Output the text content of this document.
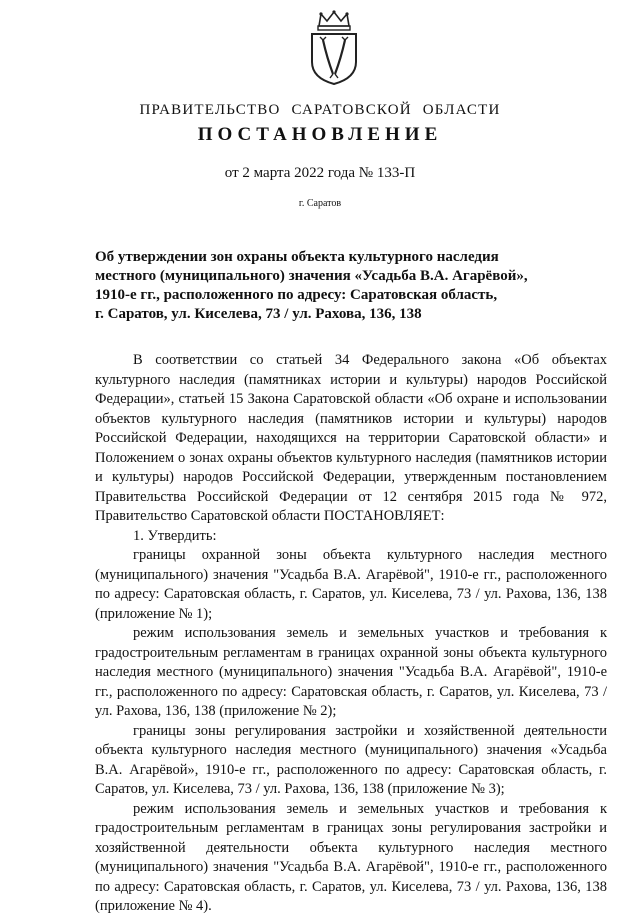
ПРАВИТЕЛЬСТВО САРАТОВСКОЙ ОБЛАСТИ
ПОСТАНОВЛЕНИЕ
от 2 марта 2022 года № 133-П
г. Саратов
Об утверждении зон охраны объекта культурного наследия
местного (муниципального) значения «Усадьба В.А. Агарёвой»,
1910-е гг., расположенного по адресу: Саратовская область,
г. Саратов, ул. Киселева, 73 / ул. Рахова, 136, 138

В соответствии со статьей 34 Федерального закона «Об объектах культурного наследия (памятниках истории и культуры) народов Российской Федерации», статьей 15 Закона Саратовской области «Об охране и использовании объектов культурного наследия (памятников истории и культуры) народов Российской Федерации, находящихся на территории Саратовской области» и Положением о зонах охраны объектов культурного наследия (памятников истории и культуры) народов Российской Федерации, утвержденным постановлением Правительства Российской Федерации от 12 сентября 2015 года № 972, Правительство Саратовской области ПОСТАНОВЛЯЕТ:

1. Утвердить:

границы охранной зоны объекта культурного наследия местного (муниципального) значения "Усадьба В.А. Агарёвой", 1910-е гг., расположенного по адресу: Саратовская область, г. Саратов, ул. Киселева, 73 / ул. Рахова, 136, 138 (приложение № 1);

режим использования земель и земельных участков и требования к градостроительным регламентам в границах охранной зоны объекта культурного наследия местного (муниципального) значения "Усадьба В.А. Агарёвой", 1910-е гг., расположенного по адресу: Саратовская область, г. Саратов, ул. Киселева, 73 / ул. Рахова, 136, 138 (приложение № 2);

границы зоны регулирования застройки и хозяйственной деятельности объекта культурного наследия местного (муниципального) значения «Усадьба В.А. Агарёвой», 1910-е гг., расположенного по адресу: Саратовская область, г. Саратов, ул. Киселева, 73 / ул. Рахова, 136, 138 (приложение № 3);

режим использования земель и земельных участков и требования к градостроительным регламентам в границах зоны регулирования застройки и хозяйственной деятельности объекта культурного наследия местного (муниципального) значения "Усадьба В.А. Агарёвой", 1910-е гг., расположенного по адресу: Саратовская область, г. Саратов, ул. Киселева, 73 / ул. Рахова, 136, 138 (приложение № 4).
